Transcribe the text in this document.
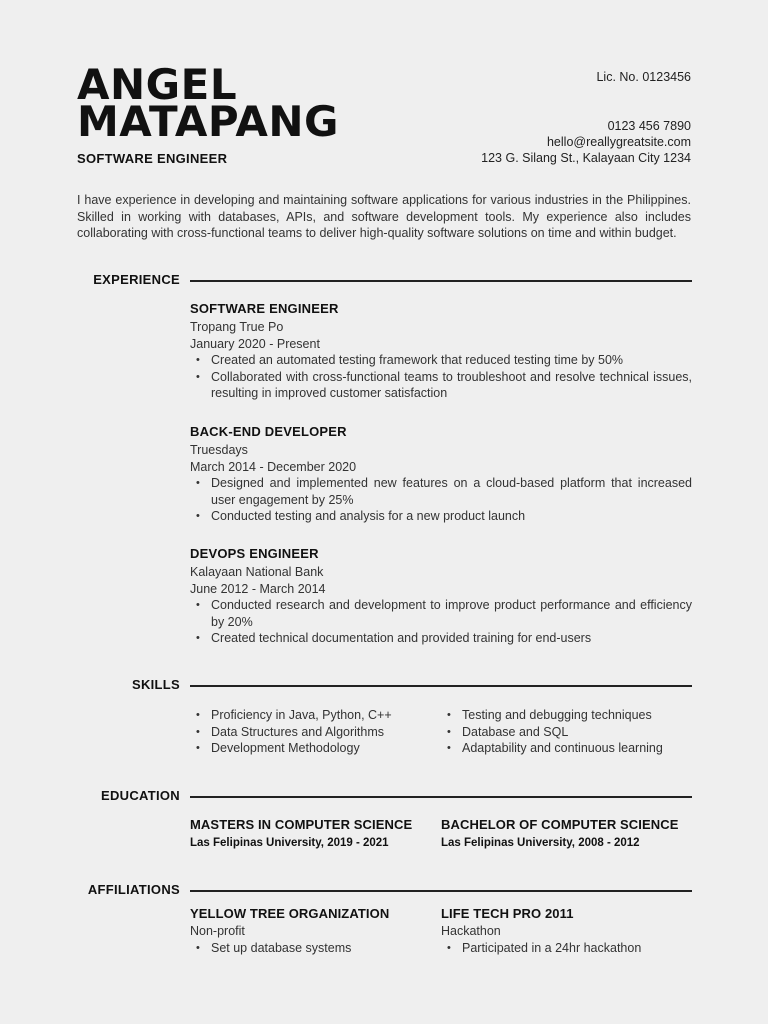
ANGEL
MATAPANG
SOFTWARE ENGINEER
Lic. No. 0123456
0123 456 7890
hello@reallygreatsite.com
123 G. Silang St., Kalayaan City 1234
I have experience in developing and maintaining software applications for various industries in the Philippines. Skilled in working with databases, APIs, and software development tools. My experience also includes collaborating with cross-functional teams to deliver high-quality software solutions on time and within budget.
EXPERIENCE
SOFTWARE ENGINEER
Tropang True Po
January 2020 - Present
• Created an automated testing framework that reduced testing time by 50%
• Collaborated with cross-functional teams to troubleshoot and resolve technical issues, resulting in improved customer satisfaction
BACK-END DEVELOPER
Truesdays
March 2014 - December 2020
• Designed and implemented new features on a cloud-based platform that increased user engagement by 25%
• Conducted testing and analysis for a new product launch
DEVOPS ENGINEER
Kalayaan National Bank
June 2012 - March 2014
• Conducted research and development to improve product performance and efficiency by 20%
• Created technical documentation and provided training for end-users
SKILLS
• Proficiency in Java, Python, C++
• Data Structures and Algorithms
• Development Methodology
• Testing and debugging techniques
• Database and SQL
• Adaptability and continuous learning
EDUCATION
MASTERS IN COMPUTER SCIENCE
Las Felipinas University, 2019 - 2021
BACHELOR OF COMPUTER SCIENCE
Las Felipinas University, 2008 - 2012
AFFILIATIONS
YELLOW TREE ORGANIZATION
Non-profit
• Set up database systems
LIFE TECH PRO 2011
Hackathon
• Participated in a 24hr hackathon
